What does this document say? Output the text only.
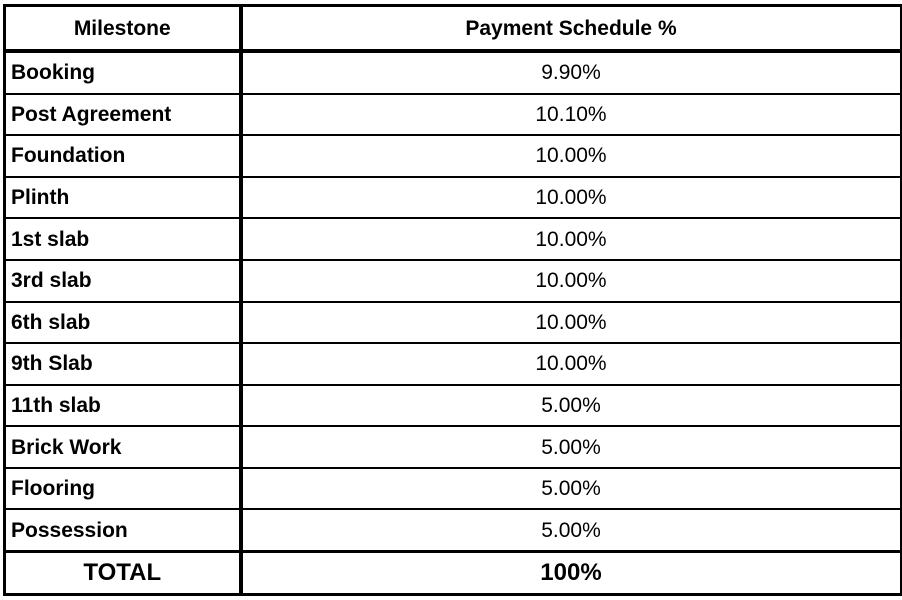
Milestone	Payment Schedule %
Booking	9.90%
Post Agreement	10.10%
Foundation	10.00%
Plinth	10.00%
1st slab	10.00%
3rd slab	10.00%
6th slab	10.00%
9th Slab	10.00%
11th slab	5.00%
Brick Work	5.00%
Flooring	5.00%
Possession	5.00%
TOTAL	100%
